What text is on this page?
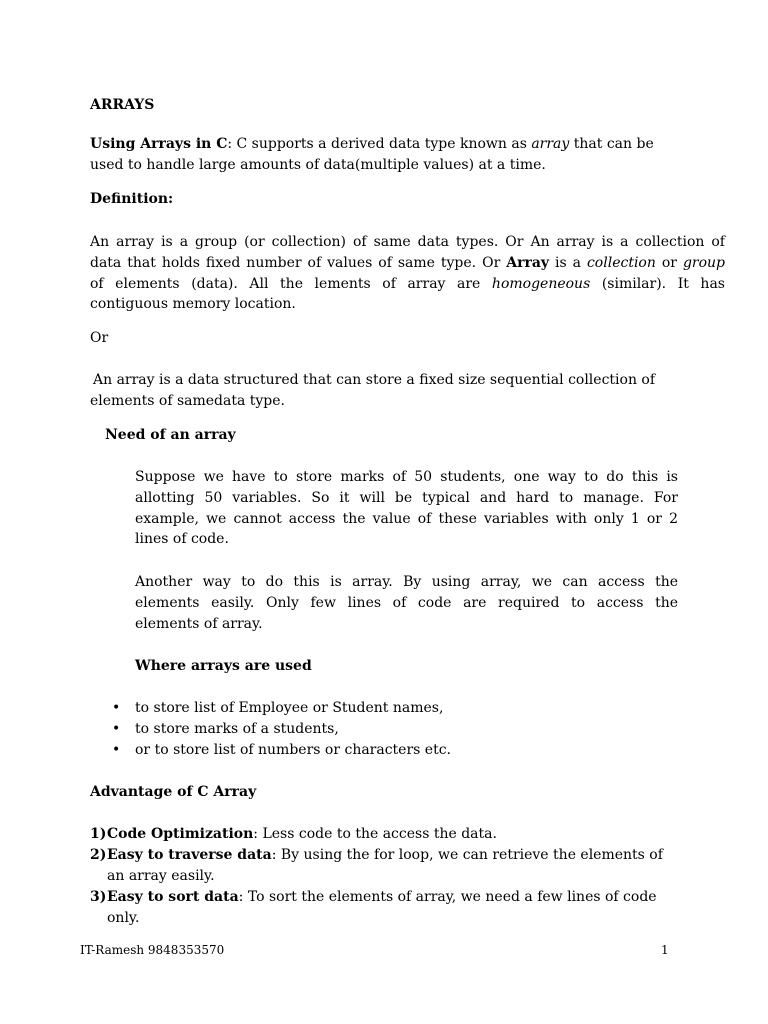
ARRAYS

Using Arrays in C: C supports a derived data type known as array that can be

used to handle large amounts of data(multiple values) at a time.

Definition:

An array is a group (or collection) of same data types. Or An array is a collection of

data that holds fixed number of values of same type. Or Array is a collection or group

of elements (data). All the lements of array are homogeneous (similar). It has

contiguous memory location.

Or

An array is a data structured that can store a fixed size sequential collection of

elements of samedata type.

Need of an array

Suppose we have to store marks of 50 students, one way to do this is

allotting 50 variables. So it will be typical and hard to manage. For

example, we cannot access the value of these variables with only 1 or 2

lines of code.

Another way to do this is array. By using array, we can access the

elements easily. Only few lines of code are required to access the

elements of array.

Where arrays are used

• to store list of Employee or Student names,
• to store marks of a students,
• or to store list of numbers or characters etc.

Advantage of C Array

1) Code Optimization: Less code to the access the data.
2) Easy to traverse data: By using the for loop, we can retrieve the elements of
an array easily.
3) Easy to sort data: To sort the elements of array, we need a few lines of code
only.
IT-Ramesh 9848353570	1
